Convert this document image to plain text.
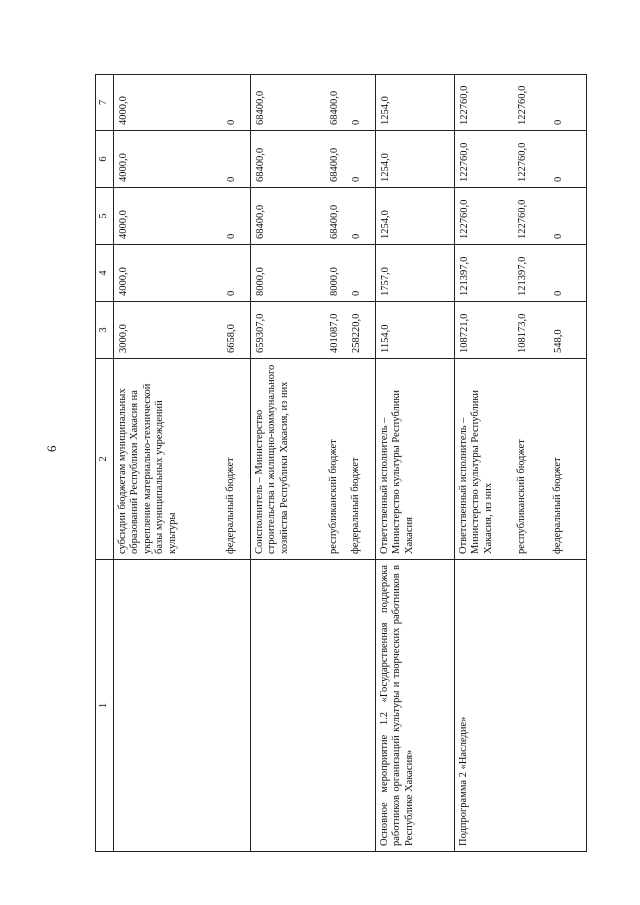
6
1	2	3	4	5	6	7

	субсидии бюджетам муниципальных образований Республики Хакасия на укрепление материально-технической базы муниципальных учреждений культуры федеральный бюджет	3000,0 6658,0	4000,0 0	4000,0 0	4000,0 0	4000,0 0

	Соисполнитель – Министерство строительства и жилищно-коммунального хозяйства Республики Хакасия, из них республиканский бюджет федеральный бюджет	659307,0 401087,0 258220,0	8000,0 8000,0 0	68400,0 68400,0 0	68400,0 68400,0 0	68400,0 68400,0 0

Основное мероприятие 1.2 «Государственная поддержка работников организаций культуры и творческих работников в Республике Хакасия»	Ответственный исполнитель – Министерство культуры Республики Хакасия	1154,0	1757,0	1254,0	1254,0	1254,0
Подпрограмма 2 «Наследие»	Ответственный исполнитель – Министерство культуры Республики Хакасия, из них республиканский бюджет федеральный бюджет	108721,0 108173,0 548,0	121397,0 121397,0 0	122760,0 122760,0 0	122760,0 122760,0 0	122760,0 122760,0 0
